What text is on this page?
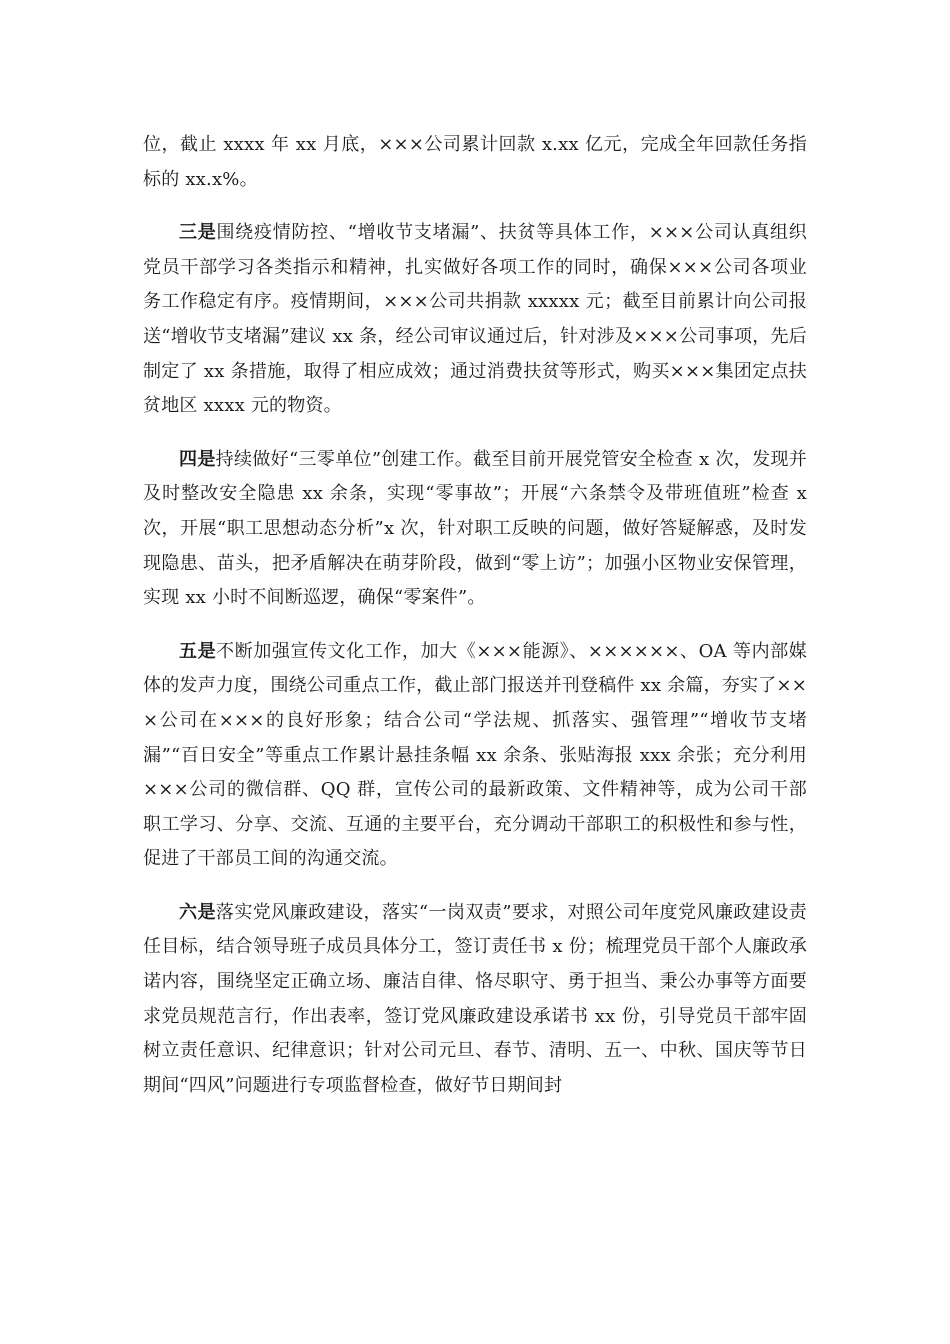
位，截止 xxxx 年 xx 月底，×××公司累计回款 x.xx 亿元，完成全年回款任务指标的 xx.x%。

三是围绕疫情防控、“增收节支堵漏”、扶贫等具体工作，×××公司认真组织党员干部学习各类指示和精神，扎实做好各项工作的同时，确保×××公司各项业务工作稳定有序。疫情期间，×××公司共捐款 xxxxx 元；截至目前累计向公司报送“增收节支堵漏”建议 xx 条，经公司审议通过后，针对涉及×××公司事项，先后制定了 xx 条措施，取得了相应成效；通过消费扶贫等形式，购买×××集团定点扶贫地区 xxxx 元的物资。

四是持续做好“三零单位”创建工作。截至目前开展党管安全检查 x 次，发现并及时整改安全隐患 xx 余条，实现“零事故”；开展“六条禁令及带班值班”检查 x 次，开展“职工思想动态分析”x 次，针对职工反映的问题，做好答疑解惑，及时发现隐患、苗头，把矛盾解决在萌芽阶段，做到“零上访”；加强小区物业安保管理，实现 xx 小时不间断巡逻，确保“零案件”。

五是不断加强宣传文化工作，加大《×××能源》、××××××、OA 等内部媒体的发声力度，围绕公司重点工作，截止部门报送并刊登稿件 xx 余篇，夯实了×××公司在×××的良好形象；结合公司“学法规、抓落实、强管理”“增收节支堵漏”“百日安全”等重点工作累计悬挂条幅 xx 余条、张贴海报 xxx 余张；充分利用×××公司的微信群、QQ 群，宣传公司的最新政策、文件精神等，成为公司干部职工学习、分享、交流、互通的主要平台，充分调动干部职工的积极性和参与性，促进了干部员工间的沟通交流。

六是落实党风廉政建设，落实“一岗双责”要求，对照公司年度党风廉政建设责任目标，结合领导班子成员具体分工，签订责任书 x 份；梳理党员干部个人廉政承诺内容，围绕坚定正确立场、廉洁自律、恪尽职守、勇于担当、秉公办事等方面要求党员规范言行，作出表率，签订党风廉政建设承诺书 xx 份，引导党员干部牢固树立责任意识、纪律意识；针对公司元旦、春节、清明、五一、中秋、国庆等节日期间“四风”问题进行专项监督检查，做好节日期间封
